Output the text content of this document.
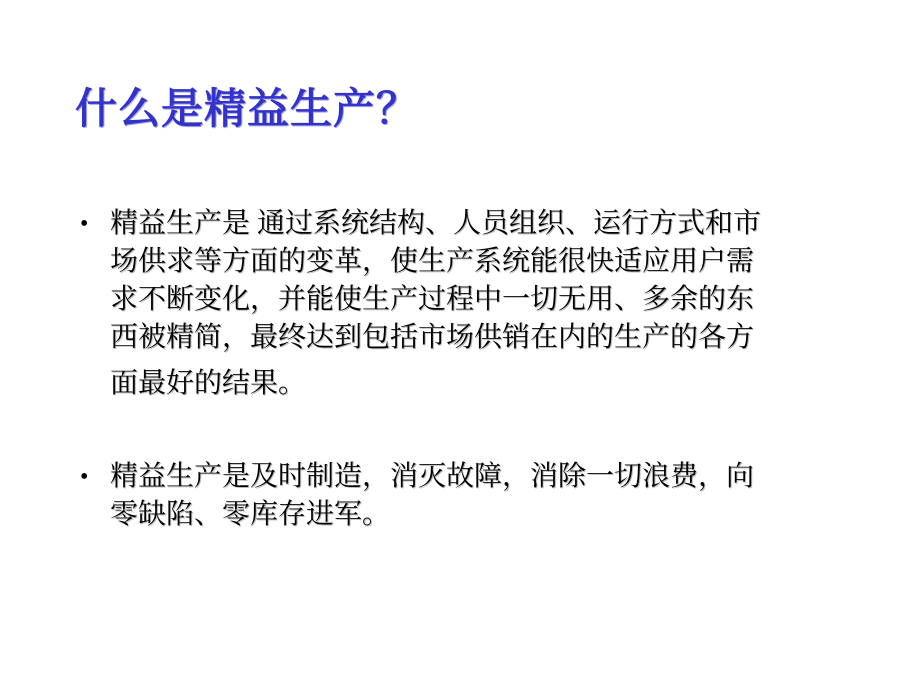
什么是精益生产？
• 精益生产是 通过系统结构、人员组织、运行方式和市
场供求等方面的变革，使生产系统能很快适应用户需
求不断变化，并能使生产过程中一切无用、多余的东
西被精简，最终达到包括市场供销在内的生产的各方
面最好的结果。
• 精益生产是及时制造，消灭故障，消除一切浪费，向
零缺陷、零库存进军。
